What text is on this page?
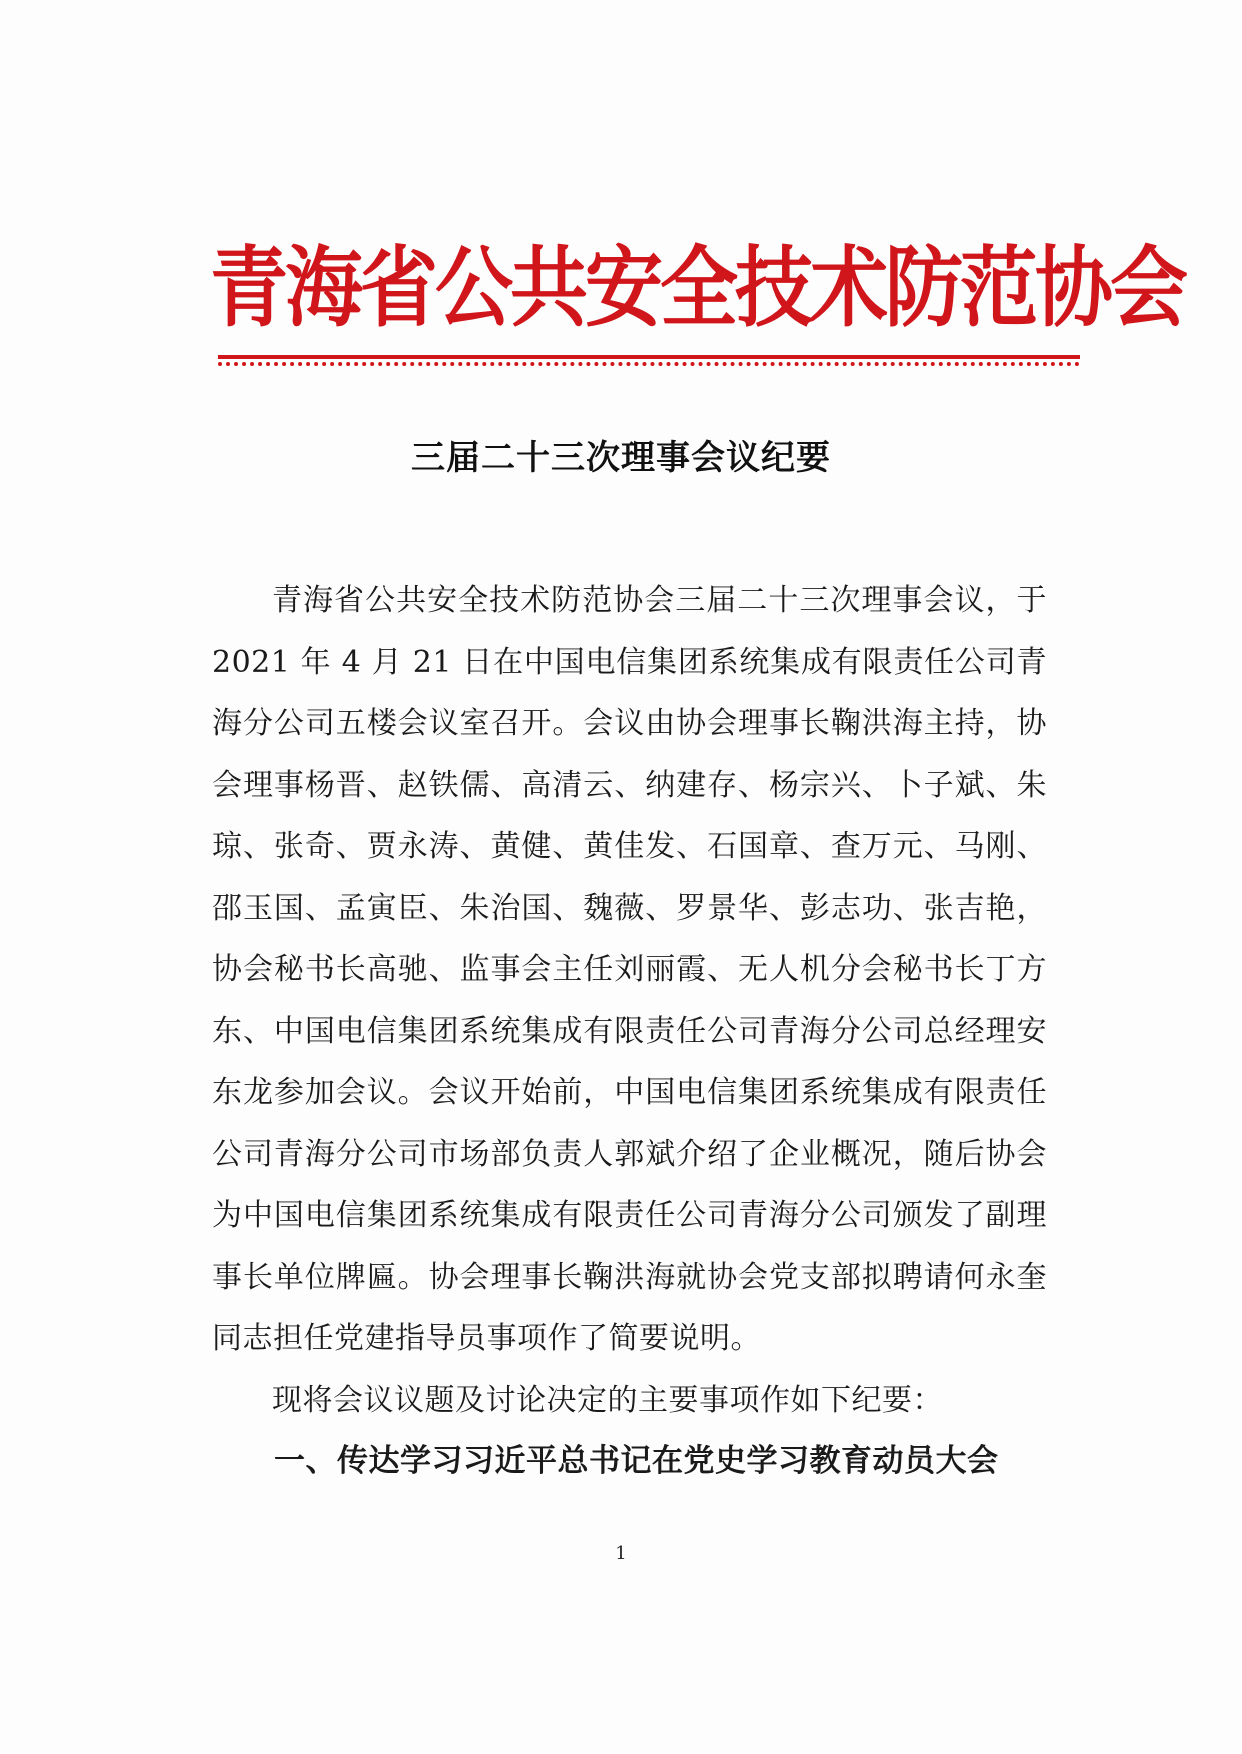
青海省公共安全技术防范协会
三届二十三次理事会议纪要

青海省公共安全技术防范协会三届二十三次理事会议，于 2021 年 4 月 21 日在中国电信集团系统集成有限责任公司青海分公司五楼会议室召开。会议由协会理事长鞠洪海主持，协会理事杨晋、赵铁儒、高清云、纳建存、杨宗兴、卜子斌、朱琼、张奇、贾永涛、黄健、黄佳发、石国章、查万元、马刚、邵玉国、孟寅臣、朱治国、魏薇、罗景华、彭志功、张吉艳，协会秘书长高驰、监事会主任刘丽霞、无人机分会秘书长丁方东、中国电信集团系统集成有限责任公司青海分公司总经理安东龙参加会议。会议开始前，中国电信集团系统集成有限责任公司青海分公司市场部负责人郭斌介绍了企业概况，随后协会为中国电信集团系统集成有限责任公司青海分公司颁发了副理事长单位牌匾。协会理事长鞠洪海就协会党支部拟聘请何永奎同志担任党建指导员事项作了简要说明。

现将会议议题及讨论决定的主要事项作如下纪要：

一、传达学习习近平总书记在党史学习教育动员大会

1
